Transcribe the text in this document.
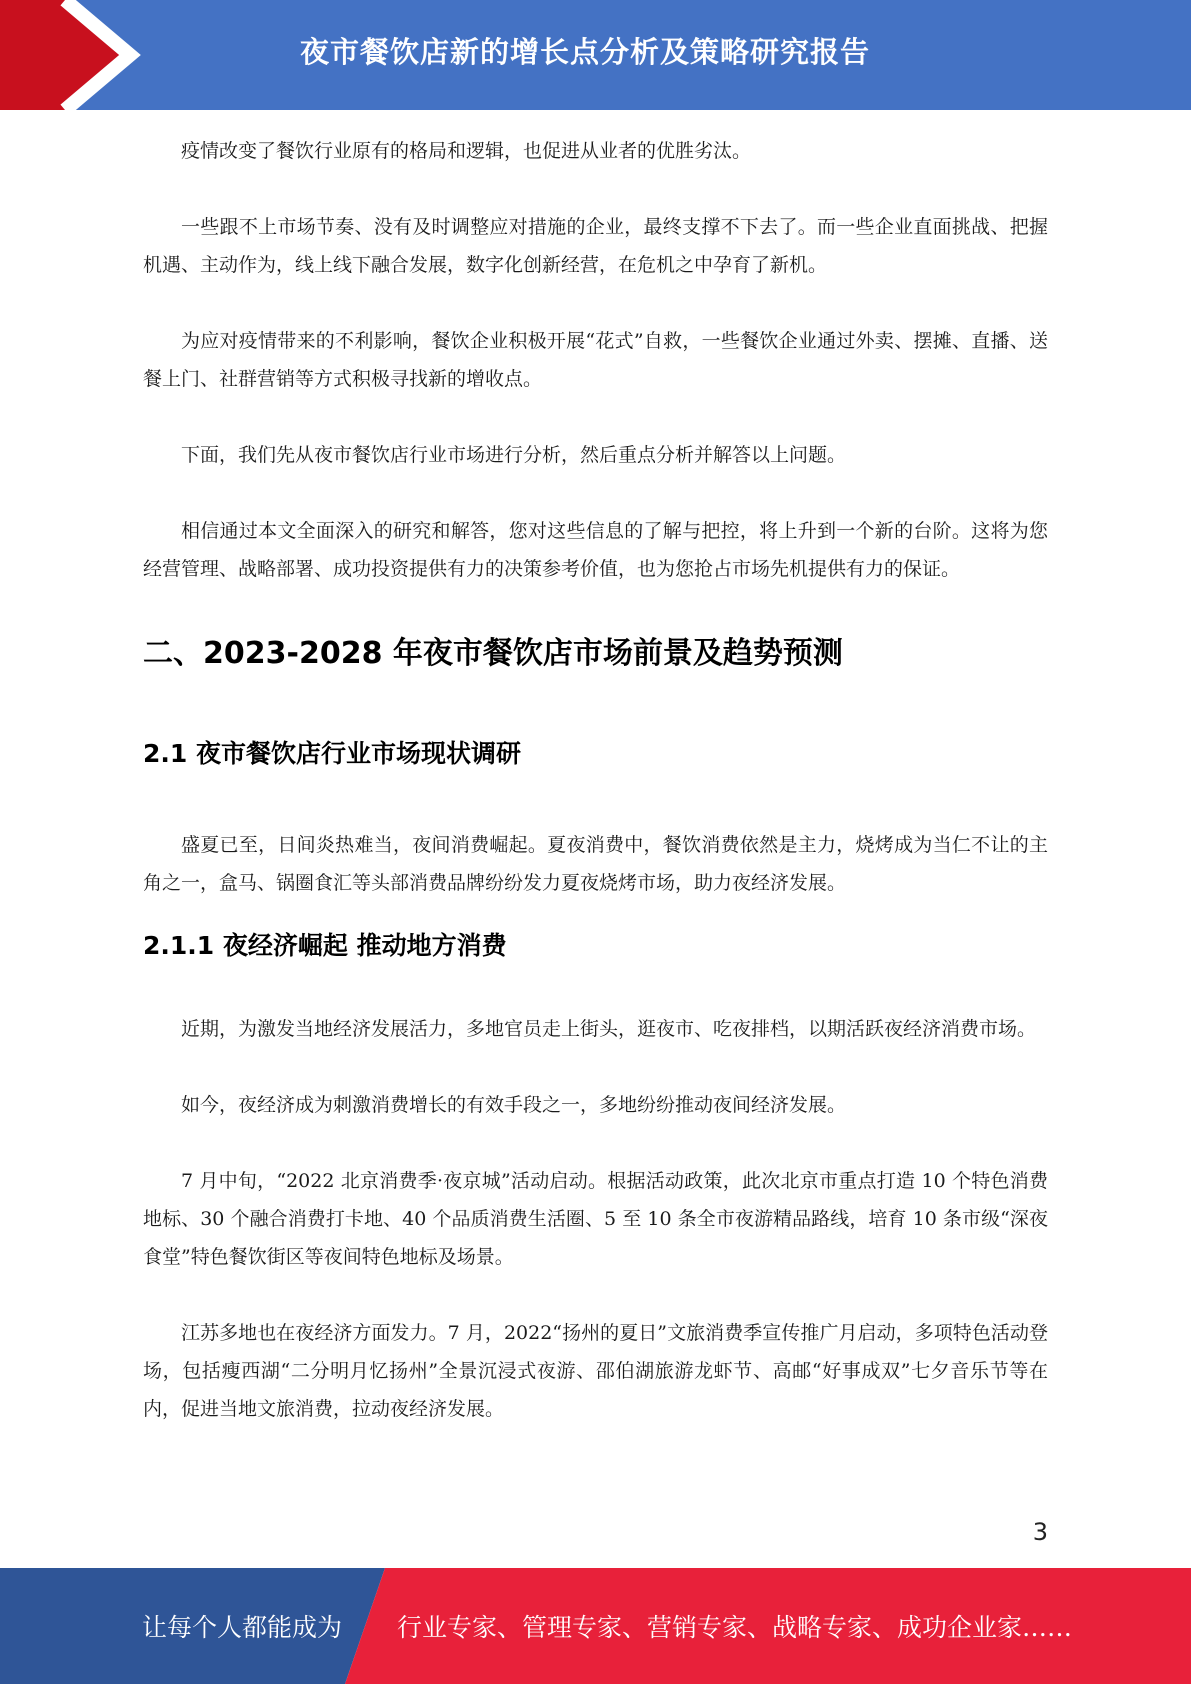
夜市餐饮店新的增长点分析及策略研究报告

疫情改变了餐饮行业原有的格局和逻辑，也促进从业者的优胜劣汰。

一些跟不上市场节奏、没有及时调整应对措施的企业，最终支撑不下去了。而一些企业直面挑战、把握机遇、主动作为，线上线下融合发展，数字化创新经营，在危机之中孕育了新机。

为应对疫情带来的不利影响，餐饮企业积极开展“花式”自救，一些餐饮企业通过外卖、摆摊、直播、送餐上门、社群营销等方式积极寻找新的增收点。

下面，我们先从夜市餐饮店行业市场进行分析，然后重点分析并解答以上问题。

相信通过本文全面深入的研究和解答，您对这些信息的了解与把控，将上升到一个新的台阶。这将为您经营管理、战略部署、成功投资提供有力的决策参考价值，也为您抢占市场先机提供有力的保证。

二、2023-2028 年夜市餐饮店市场前景及趋势预测
2.1 夜市餐饮店行业市场现状调研

盛夏已至，日间炎热难当，夜间消费崛起。夏夜消费中，餐饮消费依然是主力，烧烤成为当仁不让的主角之一，盒马、锅圈食汇等头部消费品牌纷纷发力夏夜烧烤市场，助力夜经济发展。

2.1.1 夜经济崛起 推动地方消费

近期，为激发当地经济发展活力，多地官员走上街头，逛夜市、吃夜排档，以期活跃夜经济消费市场。

如今，夜经济成为刺激消费增长的有效手段之一，多地纷纷推动夜间经济发展。

7 月中旬，“2022 北京消费季·夜京城”活动启动。根据活动政策，此次北京市重点打造 10 个特色消费地标、30 个融合消费打卡地、40 个品质消费生活圈、5 至 10 条全市夜游精品路线，培育 10 条市级“深夜食堂”特色餐饮街区等夜间特色地标及场景。

江苏多地也在夜经济方面发力。7 月，2022“扬州的夏日”文旅消费季宣传推广月启动，多项特色活动登场，包括瘦西湖“二分明月忆扬州”全景沉浸式夜游、邵伯湖旅游龙虾节、高邮“好事成双”七夕音乐节等在内，促进当地文旅消费，拉动夜经济发展。

3
让每个人都能成为 行业专家、管理专家、营销专家、战略专家、成功企业家……
